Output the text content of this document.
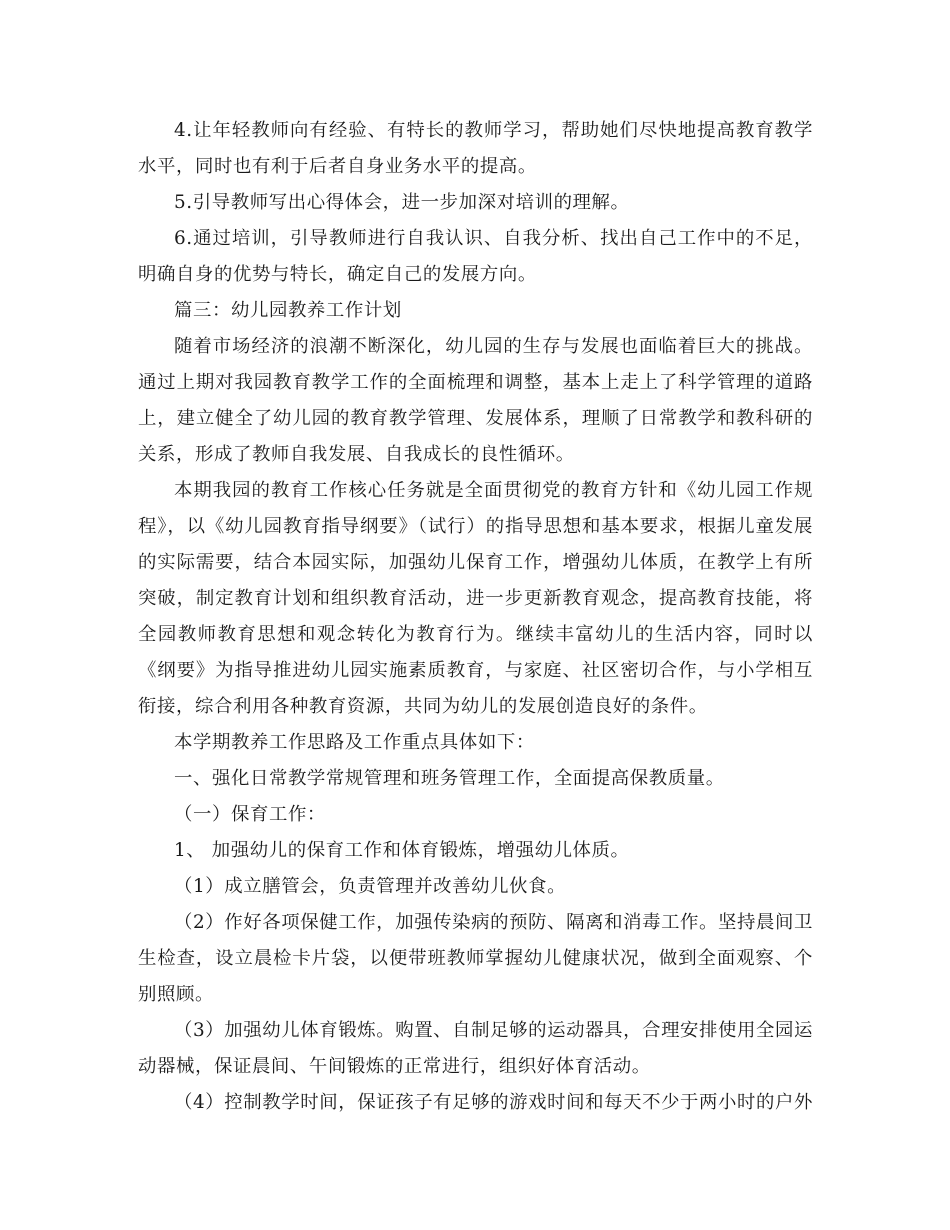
4.让年轻教师向有经验、有特长的教师学习，帮助她们尽快地提高教育教学水平，同时也有利于后者自身业务水平的提高。

5.引导教师写出心得体会，进一步加深对培训的理解。

6.通过培训，引导教师进行自我认识、自我分析、找出自己工作中的不足，明确自身的优势与特长，确定自己的发展方向。

篇三：幼儿园教养工作计划

随着市场经济的浪潮不断深化，幼儿园的生存与发展也面临着巨大的挑战。通过上期对我园教育教学工作的全面梳理和调整，基本上走上了科学管理的道路上，建立健全了幼儿园的教育教学管理、发展体系，理顺了日常教学和教科研的关系，形成了教师自我发展、自我成长的良性循环。

本期我园的教育工作核心任务就是全面贯彻党的教育方针和《幼儿园工作规程》，以《幼儿园教育指导纲要》（试行）的指导思想和基本要求，根据儿童发展的实际需要，结合本园实际，加强幼儿保育工作，增强幼儿体质，在教学上有所突破，制定教育计划和组织教育活动，进一步更新教育观念，提高教育技能，将全园教师教育思想和观念转化为教育行为。继续丰富幼儿的生活内容，同时以《纲要》为指导推进幼儿园实施素质教育，与家庭、社区密切合作，与小学相互衔接，综合利用各种教育资源，共同为幼儿的发展创造良好的条件。

本学期教养工作思路及工作重点具体如下：

一、强化日常教学常规管理和班务管理工作，全面提高保教质量。

（一）保育工作：

1、 加强幼儿的保育工作和体育锻炼，增强幼儿体质。

（1）成立膳管会，负责管理并改善幼儿伙食。

（2）作好各项保健工作，加强传染病的预防、隔离和消毒工作。坚持晨间卫生检查，设立晨检卡片袋，以便带班教师掌握幼儿健康状况，做到全面观察、个别照顾。

（3）加强幼儿体育锻炼。购置、自制足够的运动器具，合理安排使用全园运动器械，保证晨间、午间锻炼的正常进行，组织好体育活动。

（4）控制教学时间，保证孩子有足够的游戏时间和每天不少于两小时的户外
